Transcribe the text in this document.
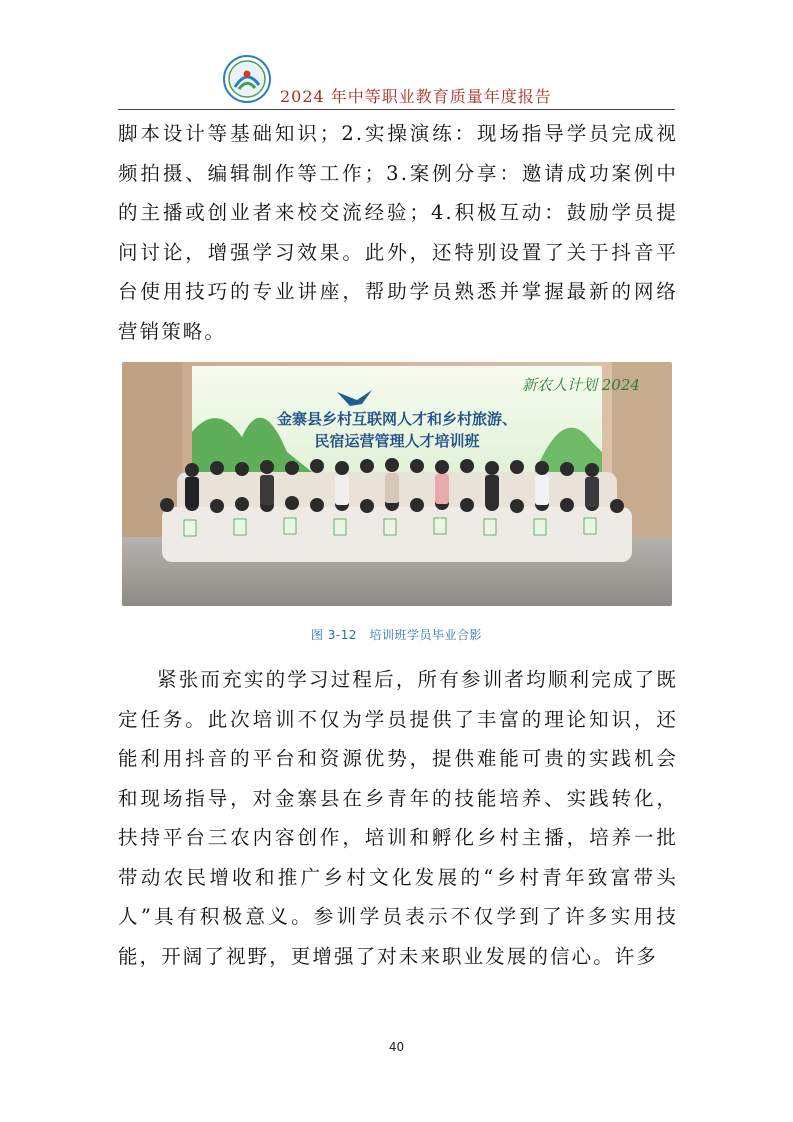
2024 年中等职业教育质量年度报告

脚本设计等基础知识；2.实操演练：现场指导学员完成视频拍摄、编辑制作等工作；3.案例分享：邀请成功案例中的主播或创业者来校交流经验；4.积极互动：鼓励学员提问讨论，增强学习效果。此外，还特别设置了关于抖音平台使用技巧的专业讲座，帮助学员熟悉并掌握最新的网络营销策略。

新农人计划 2024
金寨县乡村互联网人才和乡村旅游、
民宿运营管理人才培训班
图 3-12　培训班学员毕业合影

紧张而充实的学习过程后，所有参训者均顺利完成了既定任务。此次培训不仅为学员提供了丰富的理论知识，还能利用抖音的平台和资源优势，提供难能可贵的实践机会和现场指导，对金寨县在乡青年的技能培养、实践转化，扶持平台三农内容创作，培训和孵化乡村主播，培养一批带动农民增收和推广乡村文化发展的“乡村青年致富带头人”具有积极意义。参训学员表示不仅学到了许多实用技能，开阔了视野，更增强了对未来职业发展的信心。许多

40
